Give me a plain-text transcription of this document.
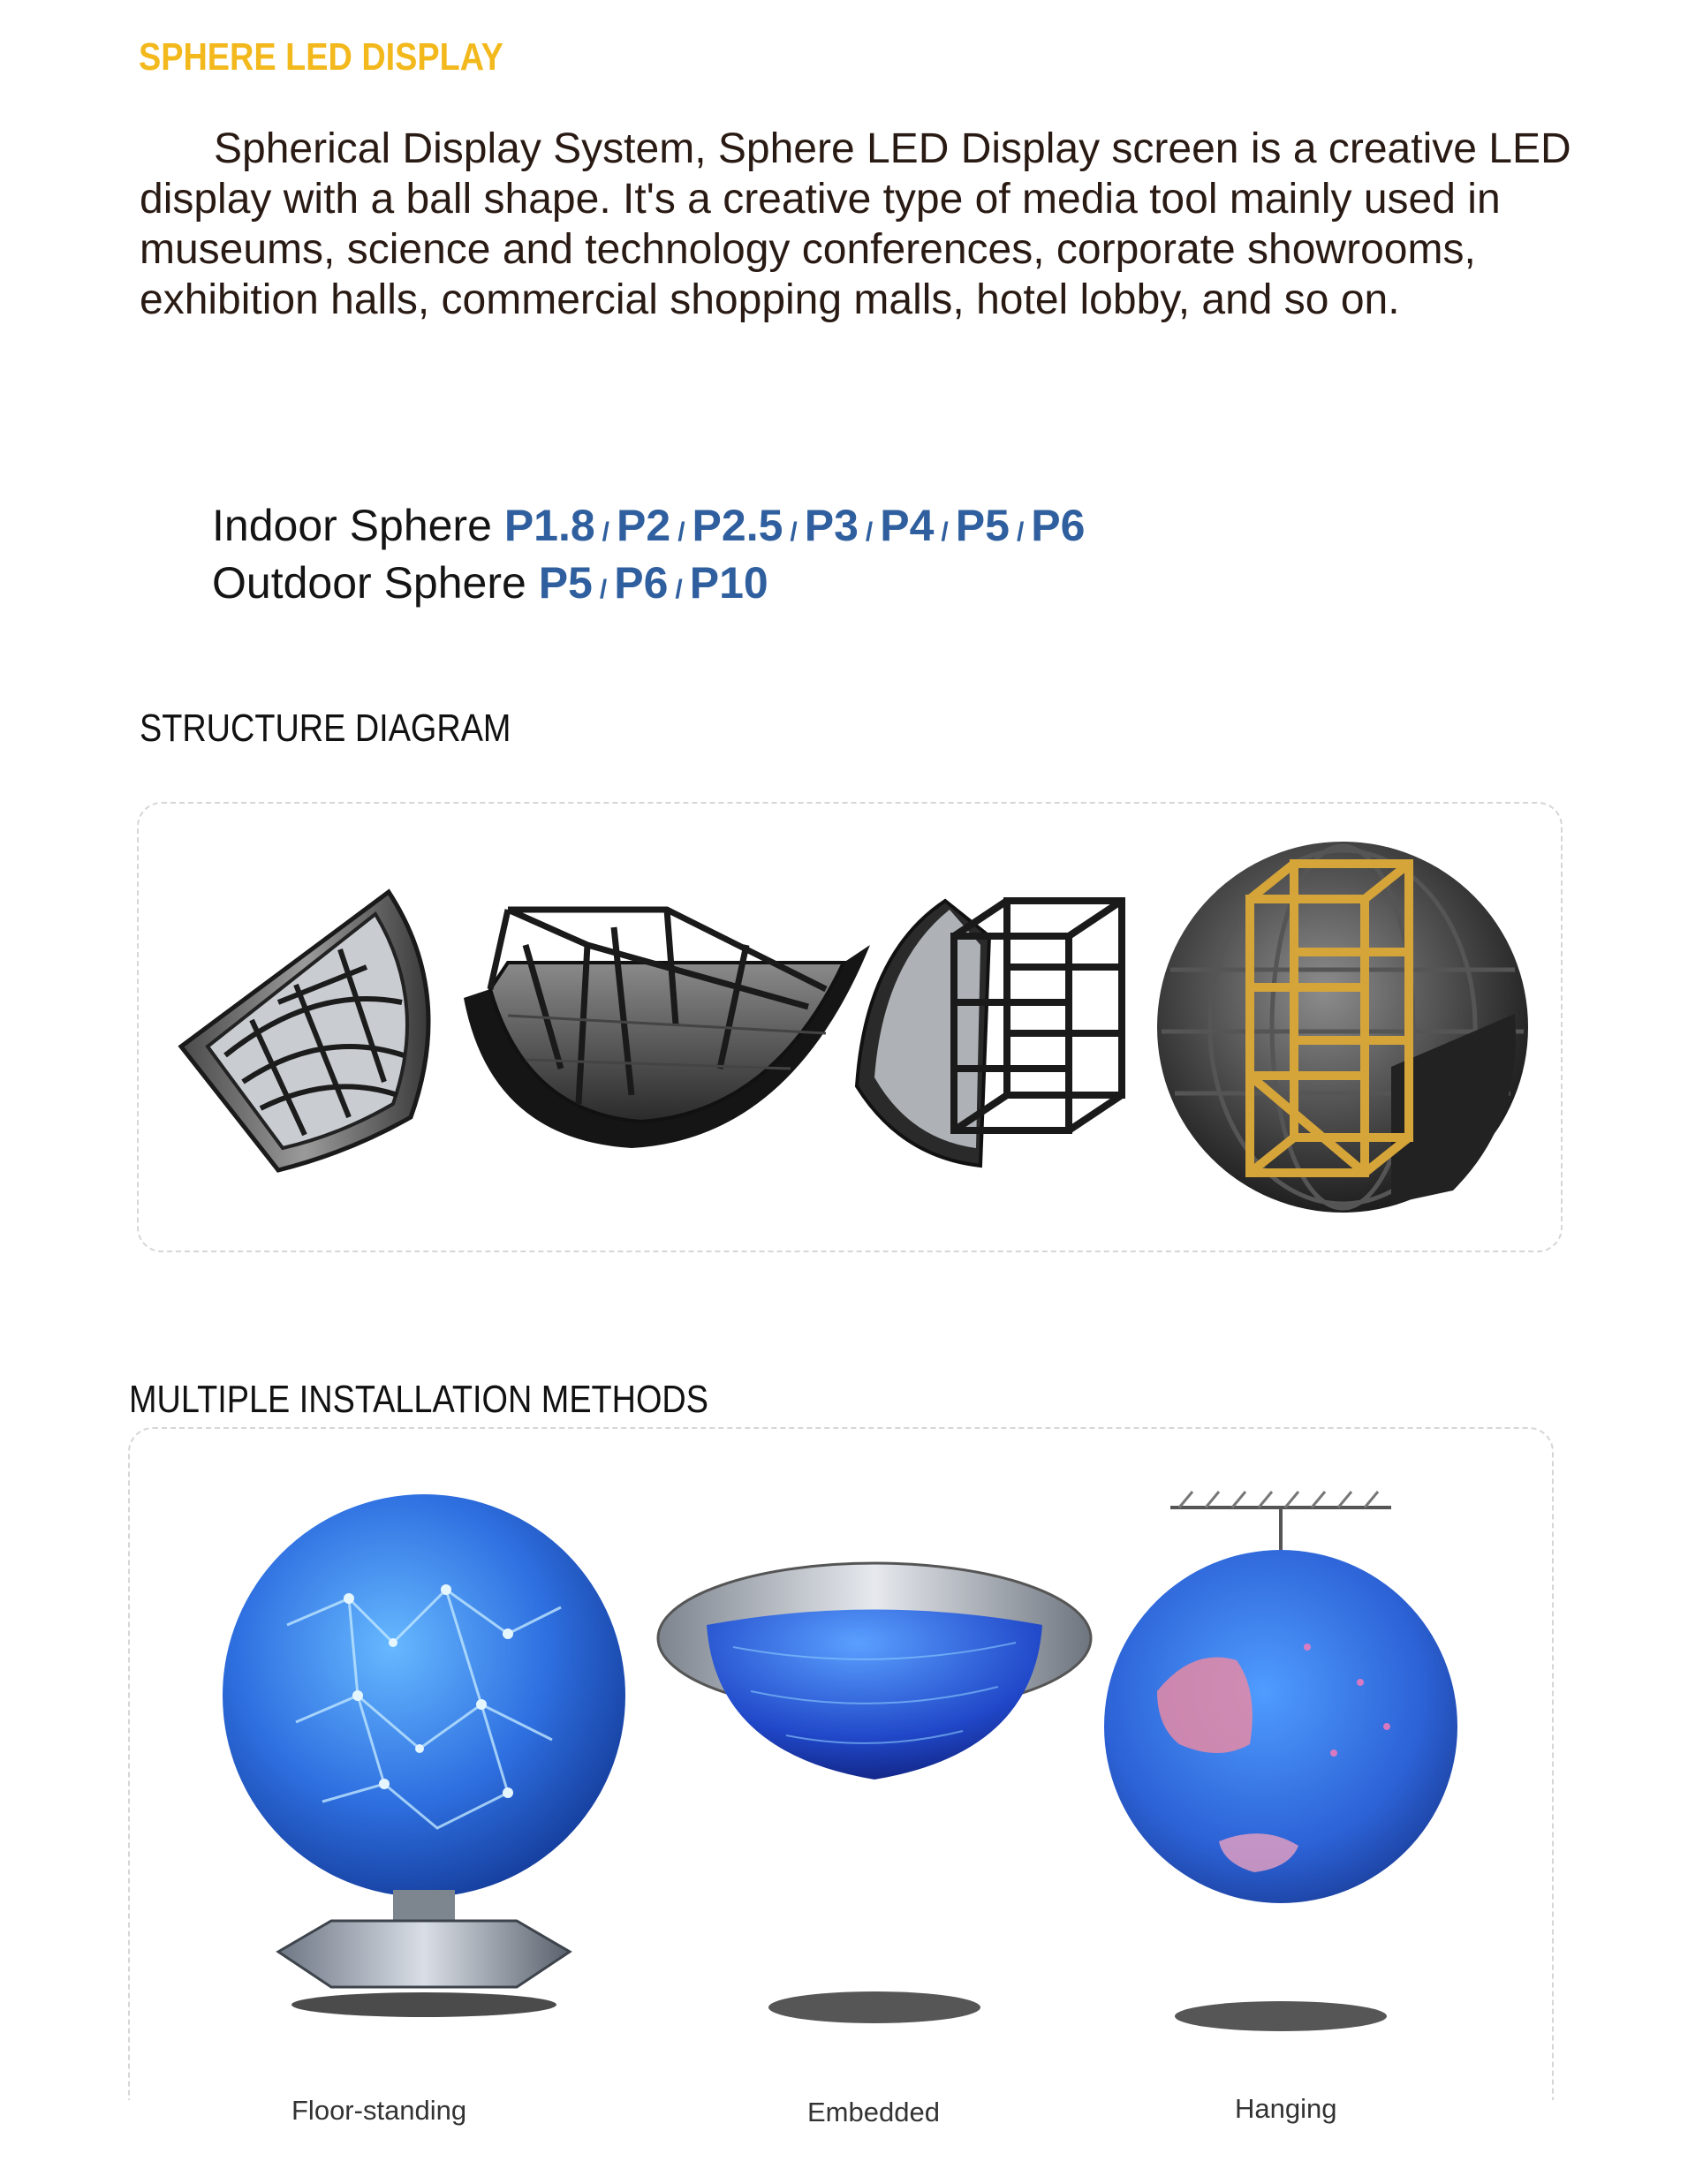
SPHERE LED DISPLAY
Spherical Display System, Sphere LED Display screen is a creative LED display with a ball shape. It's a creative type of media tool mainly used in museums, science and technology conferences, corporate showrooms, exhibition halls, commercial shopping malls, hotel lobby, and so on.
Indoor Sphere P1.8 / P2 / P2.5 / P3 / P4 / P5 / P6
Outdoor Sphere P5 / P6 / P10
STRUCTURE DIAGRAM
MULTIPLE INSTALLATION METHODS
Floor-standing	Embedded	Hanging
